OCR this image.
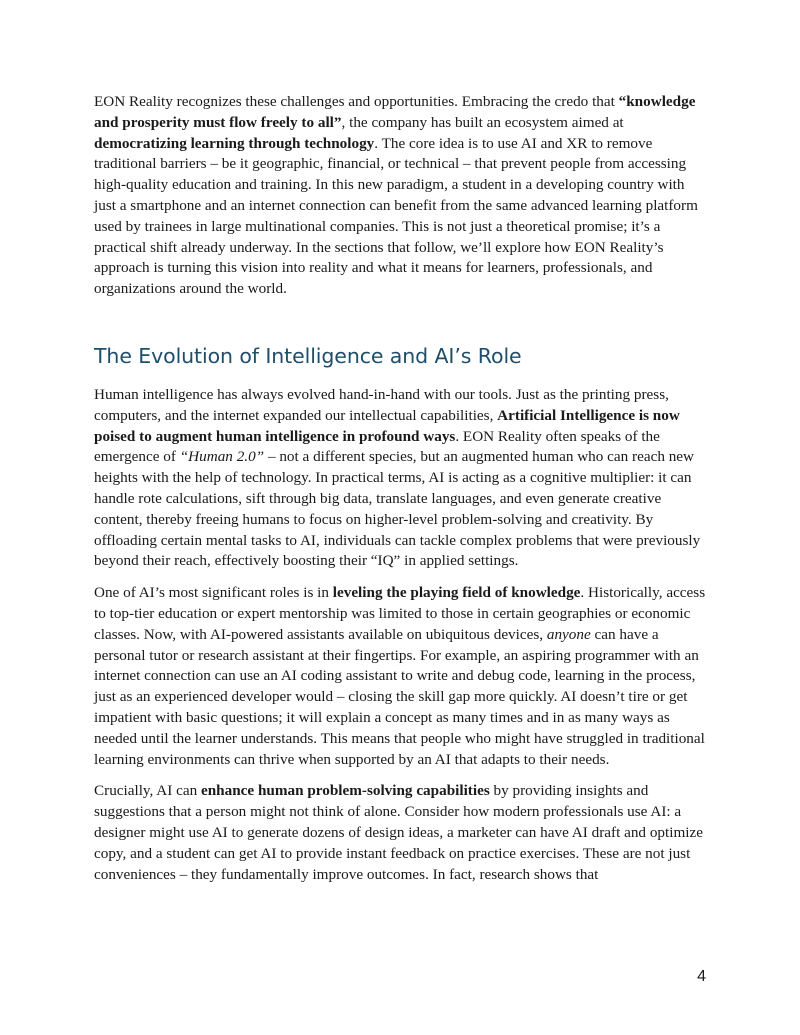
EON Reality recognizes these challenges and opportunities. Embracing the credo that “knowledge and prosperity must flow freely to all”, the company has built an ecosystem aimed at democratizing learning through technology. The core idea is to use AI and XR to remove traditional barriers – be it geographic, financial, or technical – that prevent people from accessing high-quality education and training. In this new paradigm, a student in a developing country with just a smartphone and an internet connection can benefit from the same advanced learning platform used by trainees in large multinational companies. This is not just a theoretical promise; it’s a practical shift already underway. In the sections that follow, we’ll explore how EON Reality’s approach is turning this vision into reality and what it means for learners, professionals, and organizations around the world.

The Evolution of Intelligence and AI’s Role

Human intelligence has always evolved hand-in-hand with our tools. Just as the printing press, computers, and the internet expanded our intellectual capabilities, Artificial Intelligence is now poised to augment human intelligence in profound ways. EON Reality often speaks of the emergence of “Human 2.0” – not a different species, but an augmented human who can reach new heights with the help of technology. In practical terms, AI is acting as a cognitive multiplier: it can handle rote calculations, sift through big data, translate languages, and even generate creative content, thereby freeing humans to focus on higher-level problem-solving and creativity. By offloading certain mental tasks to AI, individuals can tackle complex problems that were previously beyond their reach, effectively boosting their “IQ” in applied settings.

One of AI’s most significant roles is in leveling the playing field of knowledge. Historically, access to top-tier education or expert mentorship was limited to those in certain geographies or economic classes. Now, with AI-powered assistants available on ubiquitous devices, anyone can have a personal tutor or research assistant at their fingertips. For example, an aspiring programmer with an internet connection can use an AI coding assistant to write and debug code, learning in the process, just as an experienced developer would – closing the skill gap more quickly. AI doesn’t tire or get impatient with basic questions; it will explain a concept as many times and in as many ways as needed until the learner understands. This means that people who might have struggled in traditional learning environments can thrive when supported by an AI that adapts to their needs.

Crucially, AI can enhance human problem-solving capabilities by providing insights and suggestions that a person might not think of alone. Consider how modern professionals use AI: a designer might use AI to generate dozens of design ideas, a marketer can have AI draft and optimize copy, and a student can get AI to provide instant feedback on practice exercises. These are not just conveniences – they fundamentally improve outcomes. In fact, research shows that

4
